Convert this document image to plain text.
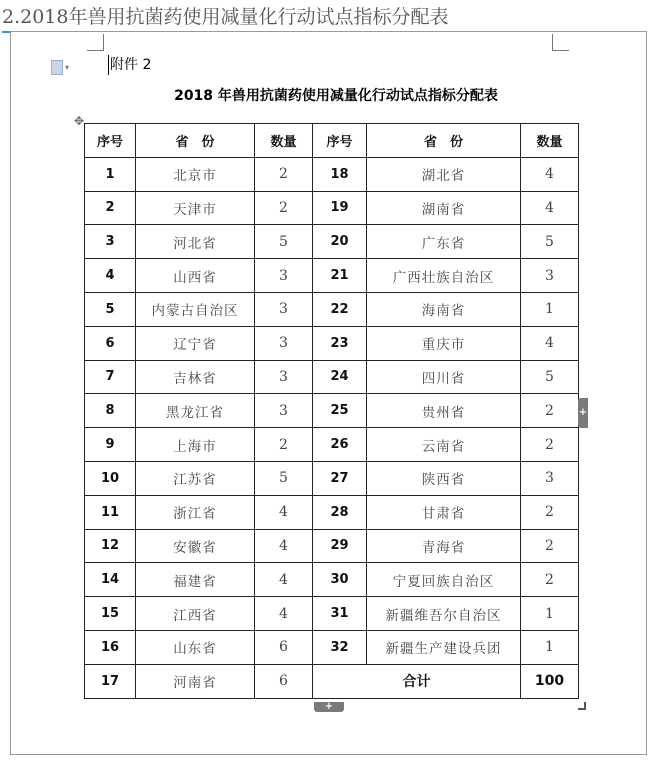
2.2018年兽用抗菌药使用减量化行动试点指标分配表
▾	附件 2
2018 年兽用抗菌药使用减量化行动试点指标分配表
✥
序号	省　份	数量	序号	省　份	数量
1	北京市	2	18	湖北省	4
2	天津市	2	19	湖南省	4
3	河北省	5	20	广东省	5
4	山西省	3	21	广西壮族自治区	3
5	内蒙古自治区	3	22	海南省	1
6	辽宁省	3	23	重庆市	4
7	吉林省	3	24	四川省	5
8	黑龙江省	3	25	贵州省	2
9	上海市	2	26	云南省	2
10	江苏省	5	27	陕西省	3
11	浙江省	4	28	甘肃省	2
12	安徽省	4	29	青海省	2
14	福建省	4	30	宁夏回族自治区	2
15	江西省	4	31	新疆维吾尔自治区	1
16	山东省	6	32	新疆生产建设兵团	1
17	河南省	6	合计		100
+
+
